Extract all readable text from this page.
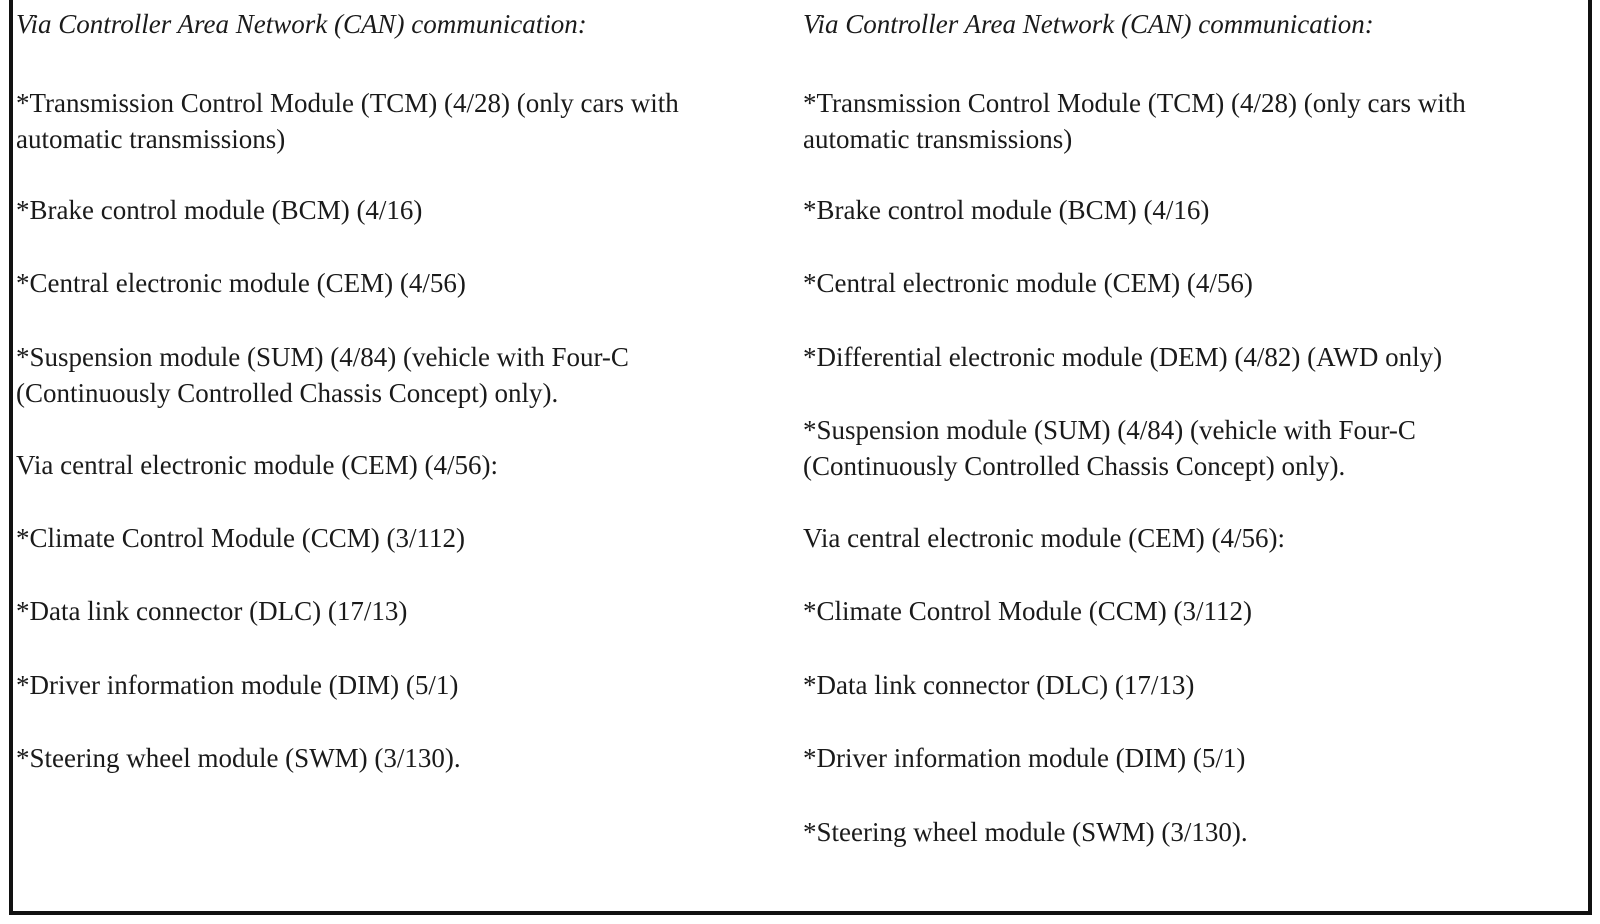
Via Controller Area Network (CAN) communication:
*Transmission Control Module (TCM) (4/28) (only cars with automatic transmissions)
*Brake control module (BCM) (4/16)
*Central electronic module (CEM) (4/56)
*Suspension module (SUM) (4/84) (vehicle with Four-C (Continuously Controlled Chassis Concept) only).
Via central electronic module (CEM) (4/56):
*Climate Control Module (CCM) (3/112)
*Data link connector (DLC) (17/13)
*Driver information module (DIM) (5/1)
*Steering wheel module (SWM) (3/130).
Via Controller Area Network (CAN) communication:
*Transmission Control Module (TCM) (4/28) (only cars with automatic transmissions)
*Brake control module (BCM) (4/16)
*Central electronic module (CEM) (4/56)
*Differential electronic module (DEM) (4/82) (AWD only)
*Suspension module (SUM) (4/84) (vehicle with Four-C (Continuously Controlled Chassis Concept) only).
Via central electronic module (CEM) (4/56):
*Climate Control Module (CCM) (3/112)
*Data link connector (DLC) (17/13)
*Driver information module (DIM) (5/1)
*Steering wheel module (SWM) (3/130).
